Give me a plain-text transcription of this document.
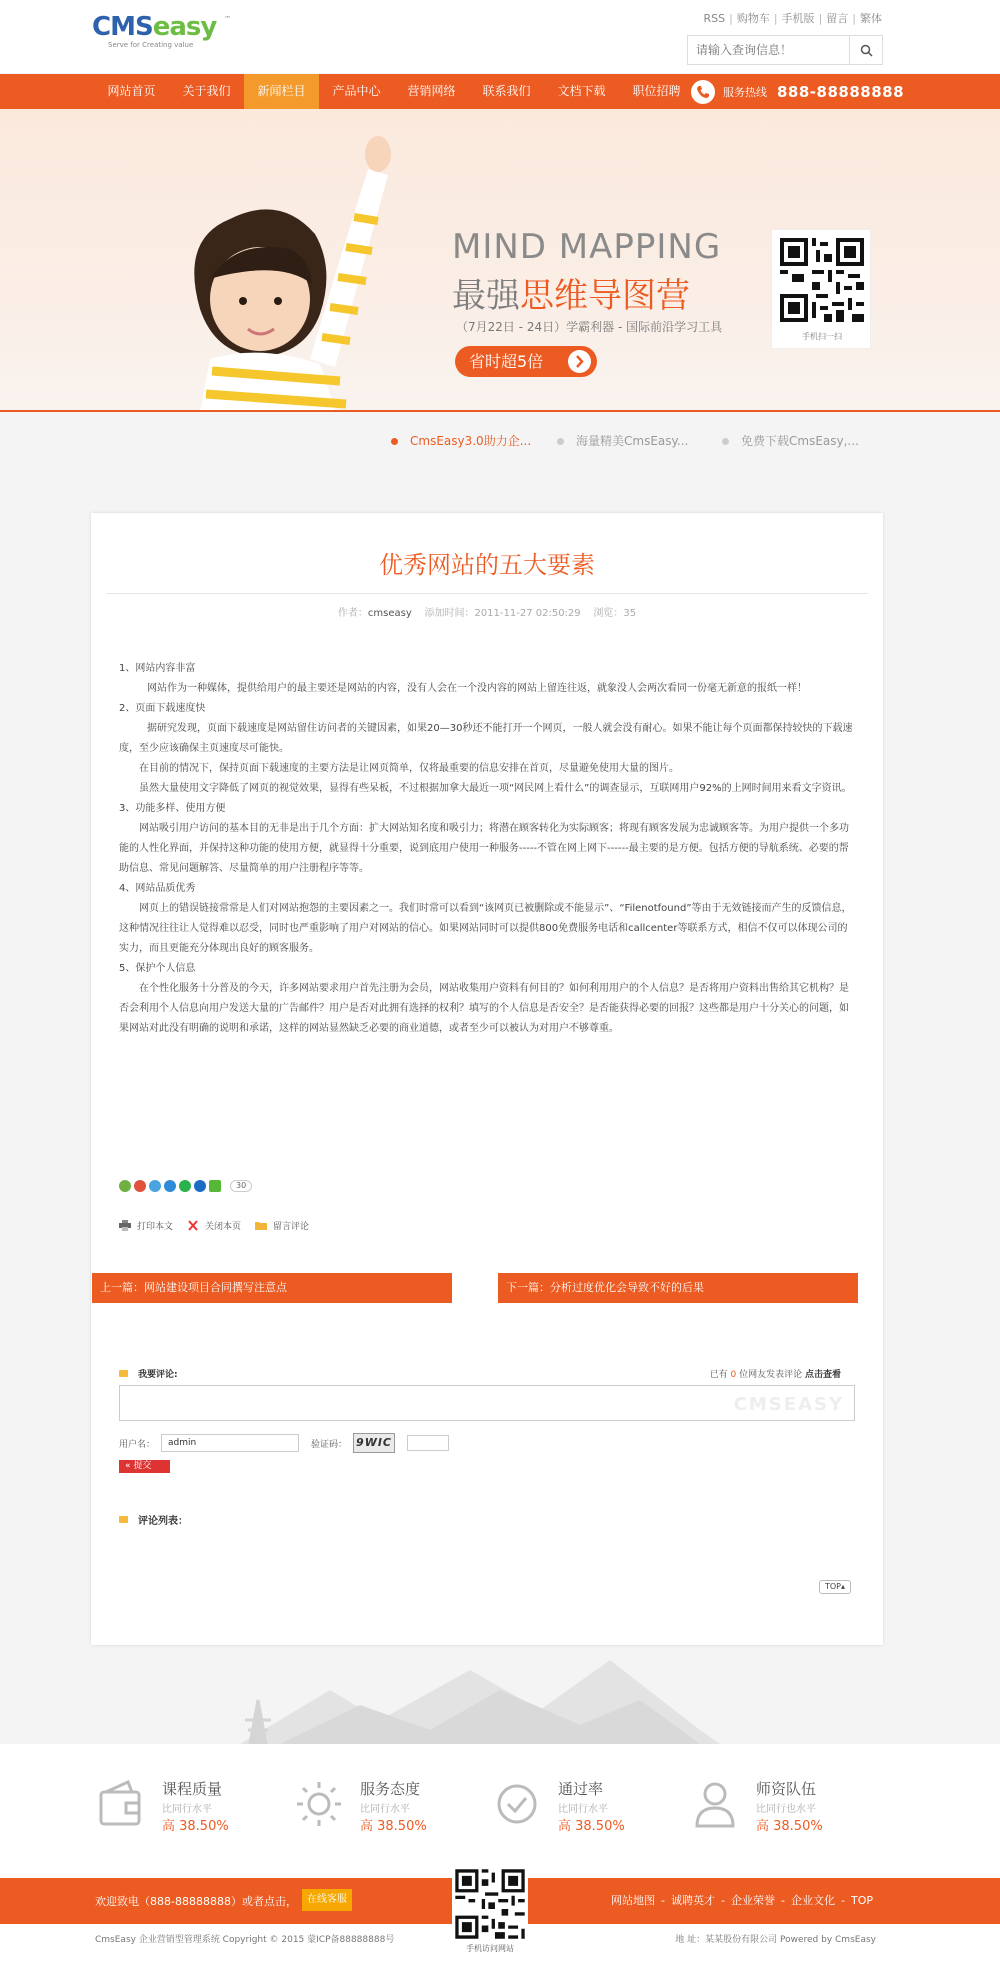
CMSeasy ™
Serve for Creating value
RSS | 购物车 | 手机版 | 留言 | 繁体
请输入查询信息！
网站首页	关于我们	新闻栏目	产品中心	营销网络	联系我们	文档下载	职位招聘	服务热线 888-88888888
MIND MAPPING
最强思维导图营
（7月22日 - 24日）学霸利器 - 国际前沿学习工具
省时超5倍
手机扫一扫
CmsEasy3.0助力企...	海量精美CmsEasy...	免费下载CmsEasy,...
优秀网站的五大要素
作者：cmseasy 添加时间：2011-11-27 02:50:29 浏览：35

1、网站内容非富

网站作为一种媒体，提供给用户的最主要还是网站的内容，没有人会在一个没内容的网站上留连往返，就象没人会两次看同一份毫无新意的报纸一样！

2、页面下载速度快

据研究发现，页面下载速度是网站留住访问者的关键因素，如果20—30秒还不能打开一个网页，一般人就会没有耐心。如果不能让每个页面都保持较快的下载速度，至少应该确保主页速度尽可能快。

在目前的情况下，保持页面下载速度的主要方法是让网页简单，仅将最重要的信息安排在首页，尽量避免使用大量的图片。

虽然大量使用文字降低了网页的视觉效果，显得有些呆板，不过根据加拿大最近一项“网民网上看什么”的调查显示，互联网用户92%的上网时间用来看文字资讯。

3、功能多样、使用方便

网站吸引用户访问的基本目的无非是出于几个方面：扩大网站知名度和吸引力；将潜在顾客转化为实际顾客；将现有顾客发展为忠诚顾客等。为用户提供一个多功能的人性化界面，并保持这种功能的使用方便，就显得十分重要，说到底用户使用一种服务-----不管在网上网下------最主要的是方便。包括方便的导航系统、必要的帮助信息、常见问题解答、尽量简单的用户注册程序等等。

4、网站品质优秀

网页上的错误链接常常是人们对网站抱怨的主要因素之一。我们时常可以看到“该网页已被删除或不能显示”、“Filenotfound”等由于无效链接而产生的反馈信息，这种情况往往让人觉得难以忍受，同时也严重影响了用户对网站的信心。如果网站同时可以提供800免费服务电话和callcenter等联系方式，相信不仅可以体现公司的实力，而且更能充分体现出良好的顾客服务。

5、保护个人信息

在个性化服务十分普及的今天，许多网站要求用户首先注册为会员，网站收集用户资料有何目的？如何利用用户的个人信息？是否将用户资料出售给其它机构？是否会利用个人信息向用户发送大量的广告邮件？用户是否对此拥有选择的权利？填写的个人信息是否安全？是否能获得必要的回报？这些都是用户十分关心的问题，如果网站对此没有明确的说明和承诺，这样的网站显然缺乏必要的商业道德，或者至少可以被认为对用户不够尊重。

30
打印本文	关闭本页	留言评论
上一篇：网站建设项目合同撰写注意点	下一篇：分析过度优化会导致不好的后果
我要评论:	已有 0 位网友发表评论 点击查看
CMSEASY
用户名：
admin	验证码： 9WIC
« 提交
评论列表：
TOP▴
课程质量
比同行水平
高 38.50%
服务态度
比同行水平
高 38.50%
通过率
比同行水平
高 38.50%
师资队伍
比同行也水平
高 38.50%
欢迎致电（888-88888888）或者点击，	在线客服	网站地图 - 诚聘英才 - 企业荣誉 - 企业文化 - TOP
CmsEasy 企业营销型管理系统 Copyright © 2015 蒙ICP备88888888号	地 址：某某股份有限公司 Powered by CmsEasy
手机访问网站
